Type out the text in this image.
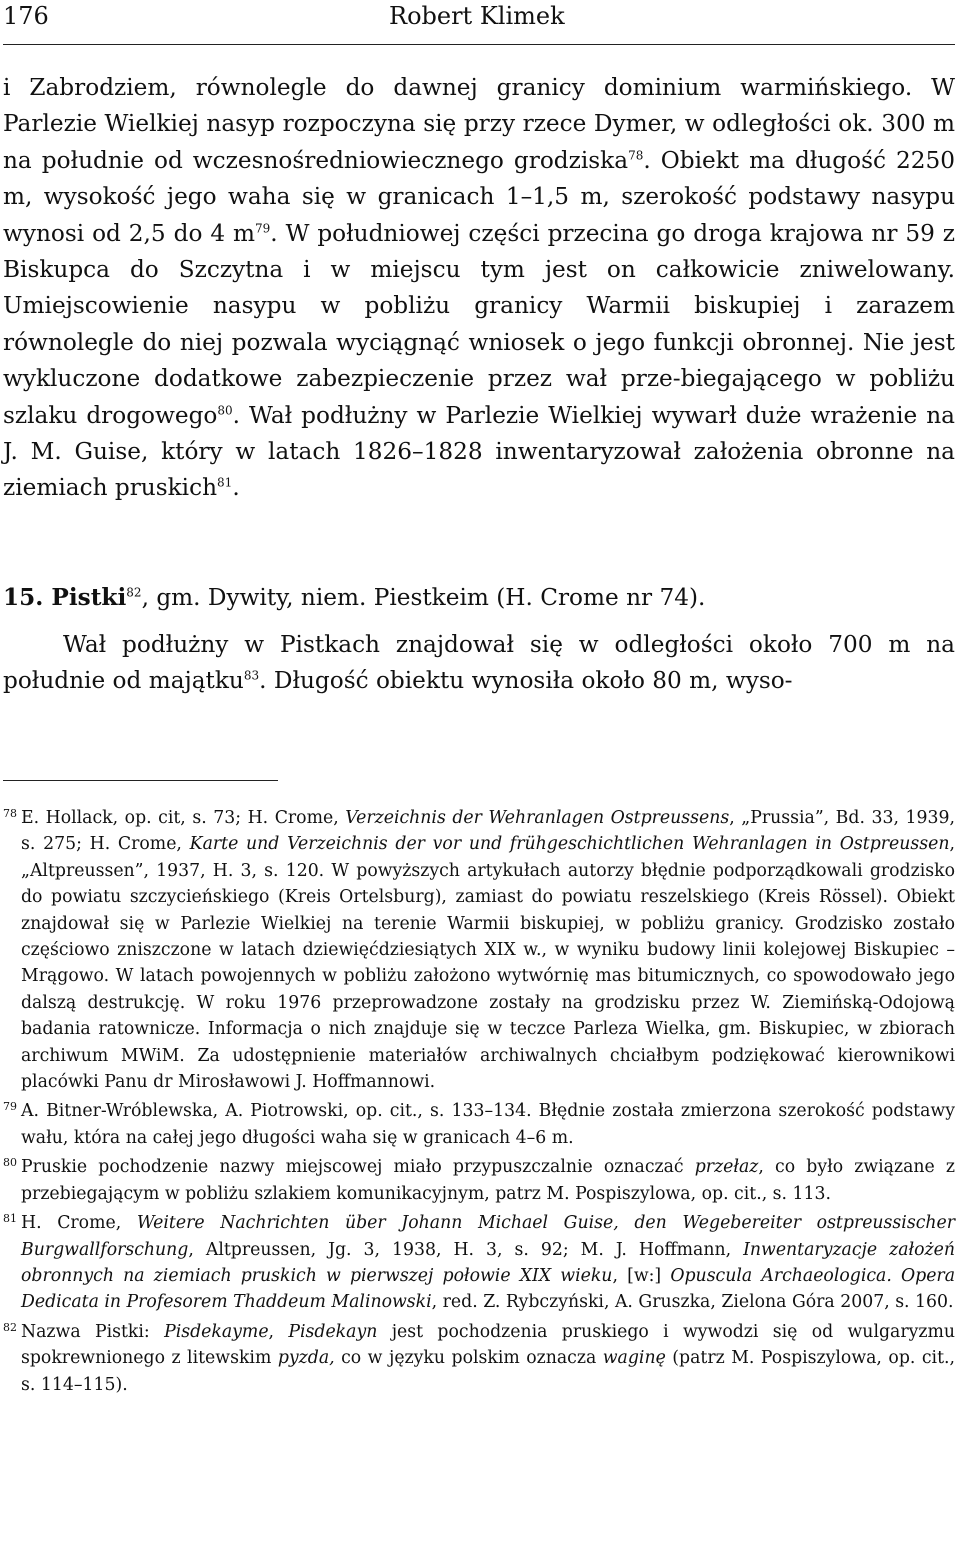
176	Robert Klimek

i Zabrodziem, równolegle do dawnej granicy dominium warmińskiego. W Parlezie Wielkiej nasyp rozpoczyna się przy rzece Dymer, w odległości ok. 300 m na południe od wczesnośredniowiecznego grodziska$^{78}$. Obiekt ma długość 2250 m, wysokość jego waha się w granicach 1–1,5 m, szerokość podstawy nasypu wynosi od 2,5 do 4 $m^{79}$. W południowej części przecina go droga krajowa nr 59 z Biskupca do Szczytna i w miejscu tym jest on całkowicie zniwelowany. Umiejscowienie nasypu w pobliżu granicy Warmii biskupiej i zarazem równolegle do niej pozwala wyciągnąć wniosek o jego funkcji obronnej. Nie jest wykluczone dodatkowe zabezpieczenie przez wał prze-biegającego w pobliżu szlaku drogowego$^{80}$. Wał podłużny w Parlezie Wielkiej wywarł duże wrażenie na J. M. Guise, który w latach 1826–1828 inwentaryzował założenia obronne na ziemiach pruskich$^{81}$.

15. Pistki$^{82}$, gm. Dywity, niem. Piestkeim (H. Crome nr 74).

Wał podłużny w Pistkach znajdował się w odległości około 700 m na południe od majątku$^{83}$. Długość obiektu wynosiła około 80 m, wyso-

78 E. Hollack, op. cit, s. 73; H. Crome, Verzeichnis der Wehranlagen Ostpreussens, „Prussia”, Bd. 33, 1939, s. 275; H. Crome, Karte und Verzeichnis der vor und frühgeschichtlichen Wehranlagen in Ostpreussen, „Altpreussen”, 1937, H. 3, s. 120. W powyższych artykułach autorzy błędnie podporządkowali grodzisko do powiatu szczycieńskiego (Kreis Ortelsburg), zamiast do powiatu reszelskiego (Kreis Rössel). Obiekt znajdował się w Parlezie Wielkiej na terenie Warmii biskupiej, w pobliżu granicy. Grodzisko zostało częściowo zniszczone w latach dziewięćdziesiątych XIX w., w wyniku budowy linii kolejowej Biskupiec – Mrągowo. W latach powojennych w pobliżu założono wytwórnię mas bitumicznych, co spowodowało jego dalszą destrukcję. W roku 1976 przeprowadzone zostały na grodzisku przez W. Ziemińską-Odojową badania ratownicze. Informacja o nich znajduje się w teczce Parleza Wielka, gm. Biskupiec, w zbiorach archiwum MWiM. Za udostępnienie materiałów archiwalnych chciałbym podziękować kierownikowi placówki Panu dr Mirosławowi J. Hoffmannowi.

79 A. Bitner-Wróblewska, A. Piotrowski, op. cit., s. 133–134. Błędnie została zmierzona szerokość podstawy wału, która na całej jego długości waha się w granicach 4–6 m.

80 Pruskie pochodzenie nazwy miejscowej miało przypuszczalnie oznaczać przełaz, co było związane z przebiegającym w pobliżu szlakiem komunikacyjnym, patrz M. Pospiszylowa, op. cit., s. 113.

81 H. Crome, Weitere Nachrichten über Johann Michael Guise, den Wegebereiter ostpreussischer Burgwallforschung, Altpreussen, Jg. 3, 1938, H. 3, s. 92; M. J. Hoffmann, Inwentaryzacje założeń obronnych na ziemiach pruskich w pierwszej połowie XIX wieku, [w:] Opuscula Archaeologica. Opera Dedicata in Profesorem Thaddeum Malinowski, red. Z. Rybczyński, A. Gruszka, Zielona Góra 2007, s. 160.

82 Nazwa Pistki: Pisdekayme, Pisdekayn jest pochodzenia pruskiego i wywodzi się od wulgaryzmu spokrewnionego z litewskim pyzda, co w języku polskim oznacza waginę (patrz M. Pospiszylowa, op. cit., s. 114–115).
